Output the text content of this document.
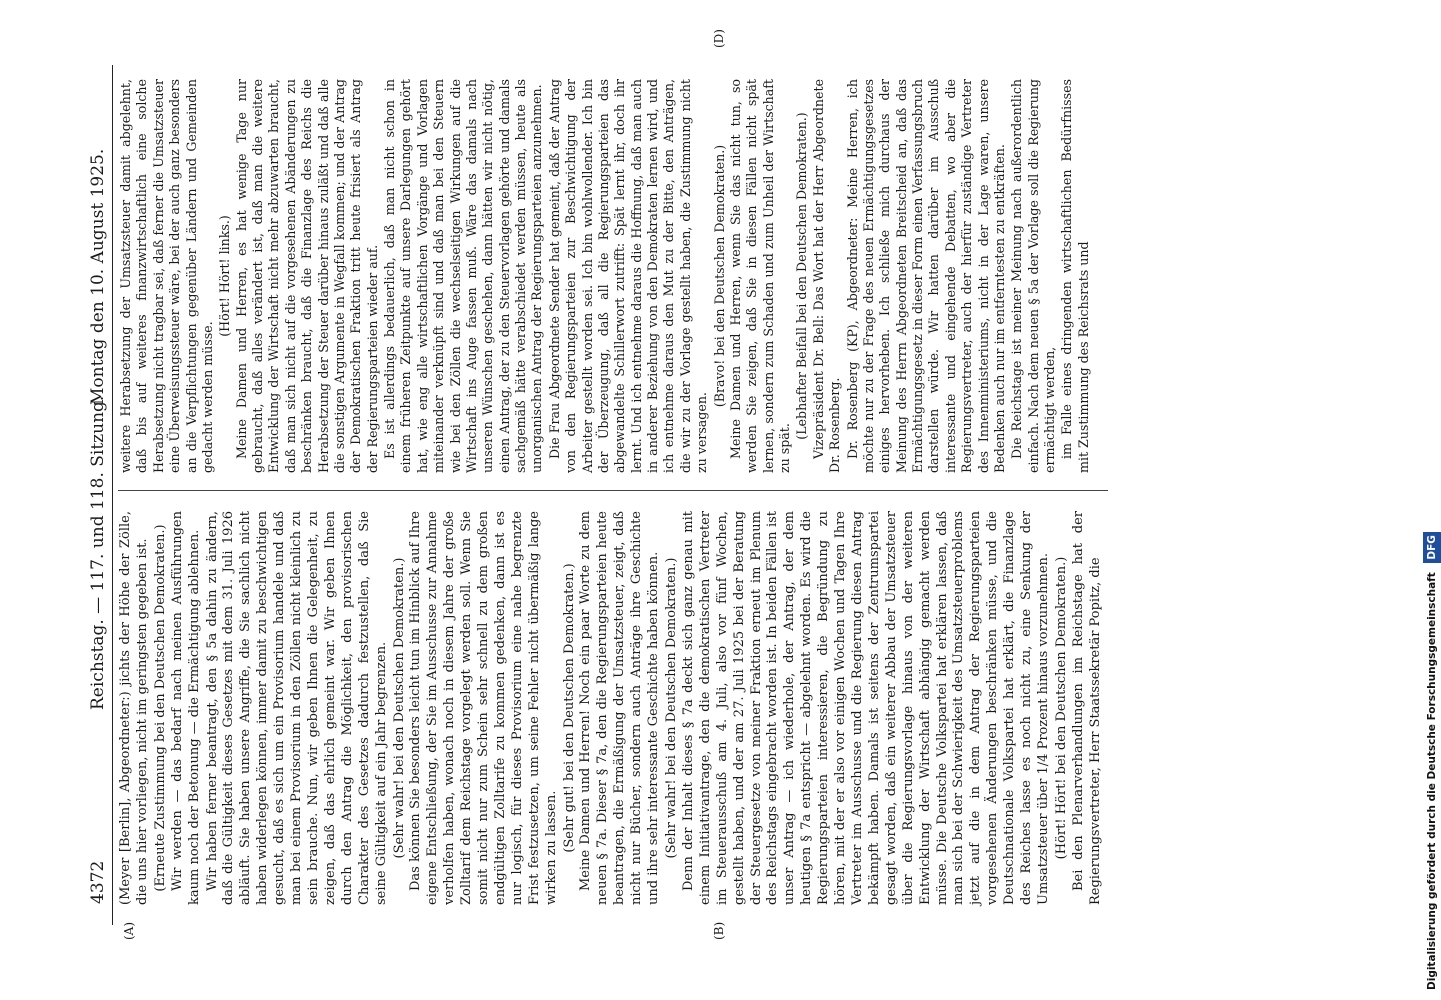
4372
Reichstag. — 117. und 118. Sitzung.
Montag den 10. August 1925.
(A)	(B)
(D)

(Meyer [Berlin], Abgeordneter:) jichts der Höhe der Zölle, die uns hier vorliegen, nicht im geringsten gegeben ist. (Erneute Zustimmung bei den Deutschen Demokraten.) Wir werden — das bedarf nach meinen Ausführungen kaum noch der Betonung — die Ermächtigung ablehnen. Wir haben ferner beantragt, den § 5a dahin zu ändern, daß die Gültigkeit dieses Gesetzes mit dem 31. Juli 1926 abläuft. Sie haben unsere Angriffe, die Sie sachlich nicht haben widerlegen können, immer damit zu beschwichtigen gesucht, daß es sich um ein Provisorium handele und daß man bei einem Provisorium in den Zöllen nicht kleinlich zu sein brauche. Nun, wir geben Ihnen die Gelegenheit, zu zeigen, daß das ehrlich gemeint war. Wir geben Ihnen durch den Antrag die Möglichkeit, den provisorischen Charakter des Gesetzes dadurch festzustellen, daß Sie seine Gültigkeit auf ein Jahr begrenzen. (Sehr wahr! bei den Deutschen Demokraten.) Das können Sie besonders leicht tun im Hinblick auf Ihre eigene Entschließung, der Sie im Ausschusse zur Annahme verholfen haben, wonach noch in diesem Jahre der große Zolltarif dem Reichstage vorgelegt werden soll. Wenn Sie somit nicht nur zum Schein sehr schnell zu dem großen endgültigen Zolltarife zu kommen gedenken, dann ist es nur logisch, für dieses Provisorium eine nahe begrenzte Frist festzusetzen, um seine Fehler nicht übermäßig lange wirken zu lassen. (Sehr gut! bei den Deutschen Demokraten.) Meine Damen und Herren! Noch ein paar Worte zu dem neuen § 7a. Dieser § 7a, den die Regierungsparteien heute beantragen, die Ermäßigung der Umsatzsteuer, zeigt, daß nicht nur Bücher, sondern auch Anträge ihre Geschichte und ihre sehr interessante Geschichte haben können. (Sehr wahr! bei den Deutschen Demokraten.) Denn der Inhalt dieses § 7a deckt sich ganz genau mit einem Initiativantrage, den die demokratischen Vertreter im Steuerausschuß am 4. Juli, also vor fünf Wochen, gestellt haben, und der am 27. Juli 1925 bei der Beratung der Steuergesetze von meiner Fraktion erneut im Plenum des Reichstags eingebracht worden ist. In beiden Fällen ist unser Antrag — ich wiederhole, der Antrag, der dem heutigen § 7a entspricht — abgelehnt worden. Es wird die Regierungsparteien interessieren, die Begründung zu hören, mit der er also vor einigen Wochen und Tagen Ihre Vertreter im Ausschusse und die Regierung diesen Antrag bekämpft haben. Damals ist seitens der Zentrumspartei gesagt worden, daß ein weiterer Abbau der Umsatzsteuer über die Regierungsvorlage hinaus von der weiteren Entwicklung der Wirtschaft abhängig gemacht werden müsse. Die Deutsche Volkspartei hat erklären lassen, daß man sich bei der Schwierigkeit des Umsatzsteuerproblems jetzt auf die in dem Antrag der Regierungsparteien vorgesehenen Änderungen beschränken müsse, und die Deutschnationale Volkspartei hat erklärt, die Finanzlage des Reiches lasse es noch nicht zu, eine Senkung der Umsatzsteuer über 1/4 Prozent hinaus vorzunehmen. (Hört! Hört! bei den Deutschen Demokraten.) Bei den Plenarverhandlungen im Reichstage hat der Regierungsvertreter, Herr Staatssekretär Popitz, die

weitere Herabsetzung der Umsatzsteuer damit abgelehnt, daß bis auf weiteres finanzwirtschaftlich eine solche Herabsetzung nicht tragbar sei, daß ferner die Umsatzsteuer eine Überweisungssteuer wäre, bei der auch ganz besonders an die Verpflichtungen gegenüber Ländern und Gemeinden gedacht werden müsse.

(Hört! Hört! links.) Meine Damen und Herren, es hat wenige Tage nur gebraucht, daß alles verändert ist, daß man die weitere Entwicklung der Wirtschaft nicht mehr abzuwarten braucht, daß man sich nicht auf die vorgesehenen Abänderungen zu beschränken braucht, daß die Finanzlage des Reichs die Herabsetzung der Steuer darüber hinaus zuläßt und daß alle die sonstigen Argumente in Wegfall kommen; und der Antrag der Demokratischen Fraktion tritt heute frisiert als Antrag der Regierungsparteien wieder auf. Es ist allerdings bedauerlich, daß man nicht schon in einem früheren Zeitpunkte auf unsere Darlegungen gehört hat, wie eng alle wirtschaftlichen Vorgänge und Vorlagen miteinander verknüpft sind und daß man bei den Steuern wie bei den Zöllen die wechselseitigen Wirkungen auf die Wirtschaft ins Auge fassen muß. Wäre das damals nach unseren Wünschen geschehen, dann hätten wir nicht nötig, einen Antrag, der zu den Steuervorlagen gehörte und damals sachgemäß hätte verabschiedet werden müssen, heute als unorganischen Antrag der Regierungsparteien anzunehmen. Die Frau Abgeordnete Sender hat gemeint, daß der Antrag von den Regierungsparteien zur Beschwichtigung der Arbeiter gestellt worden sei. Ich bin wohlwollender. Ich bin der Überzeugung, daß all die Regierungsparteien das abgewandelte Schillerwort zutrifft: Spät lernt ihr, doch ihr lernt. Und ich entnehme daraus die Hoffnung, daß man auch in anderer Beziehung von den Demokraten lernen wird, und ich entnehme daraus den Mut zu der Bitte, den Anträgen, die wir zu der Vorlage gestellt haben, die Zustimmung nicht zu versagen.

(Bravo! bei den Deutschen Demokraten.) Meine Damen und Herren, wenn Sie das nicht tun, so werden Sie zeigen, daß Sie in diesen Fällen nicht spät lernen, sondern zum Schaden und zum Unheil der Wirtschaft zu spät.

(Lebhafter Beifall bei den Deutschen Demokraten.) Vizepräsident Dr. Bell: Das Wort hat der Herr Abgeordnete Dr. Rosenberg. Dr. Rosenberg (KP), Abgeordneter: Meine Herren, ich möchte nur zu der Frage des neuen Ermächtigungsgesetzes einiges hervorheben. Ich schließe mich durchaus der Meinung des Herrn Abgeordneten Breitscheid an, daß das Ermächtigungsgesetz in dieser Form einen Verfassungsbruch darstellen würde. Wir hatten darüber im Ausschuß interessante und eingehende Debatten, wo aber die Regierungsvertreter, auch der hierfür zuständige Vertreter des Innenministeriums, nicht in der Lage waren, unsere Bedenken auch nur im entferntesten zu entkräften. Die Reichstage ist meiner Meinung nach außerordentlich einfach. Nach dem neuen § 5a der Vorlage soll die Regierung ermächtigt werden, im Falle eines dringenden wirtschaftlichen Bedürfnisses mit Zustimmung des Reichsrats und

Digitalisierung gefördert durch die Deutsche Forschungsgemeinschaft DFG
